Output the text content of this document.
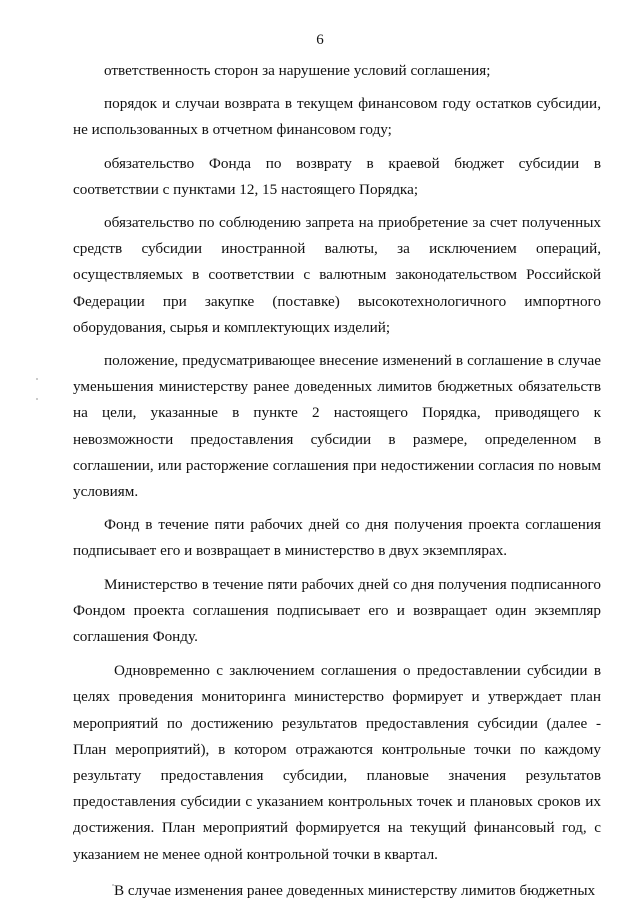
6

ответственность сторон за нарушение условий соглашения;

порядок и случаи возврата в текущем финансовом году остатков субсидии, не использованных в отчетном финансовом году;

обязательство Фонда по возврату в краевой бюджет субсидии в соответствии с пунктами 12, 15 настоящего Порядка;

обязательство по соблюдению запрета на приобретение за счет полученных средств субсидии иностранной валюты, за исключением операций, осуществляемых в соответствии с валютным законодательством Российской Федерации при закупке (поставке) высокотехнологичного импортного оборудования, сырья и комплектующих изделий;

положение, предусматривающее внесение изменений в соглашение в случае уменьшения министерству ранее доведенных лимитов бюджетных обязательств на цели, указанные в пункте 2 настоящего Порядка, приводящего к невозможности предоставления субсидии в размере, определенном в соглашении, или расторжение соглашения при недостижении согласия по новым условиям.

Фонд в течение пяти рабочих дней со дня получения проекта соглашения подписывает его и возвращает в министерство в двух экземплярах.

Министерство в течение пяти рабочих дней со дня получения подписанного Фондом проекта соглашения подписывает его и возвращает один экземпляр соглашения Фонду.

Одновременно с заключением соглашения о предоставлении субсидии в целях проведения мониторинга министерство формирует и утверждает план мероприятий по достижению результатов предоставления субсидии (далее - План мероприятий), в котором отражаются контрольные точки по каждому результату предоставления субсидии, плановые значения результатов предоставления субсидии с указанием контрольных точек и плановых сроков их достижения. План мероприятий формируется на текущий финансовый год, с указанием не менее одной контрольной точки в квартал.

В случае изменения ранее доведенных министерству лимитов бюджетных
